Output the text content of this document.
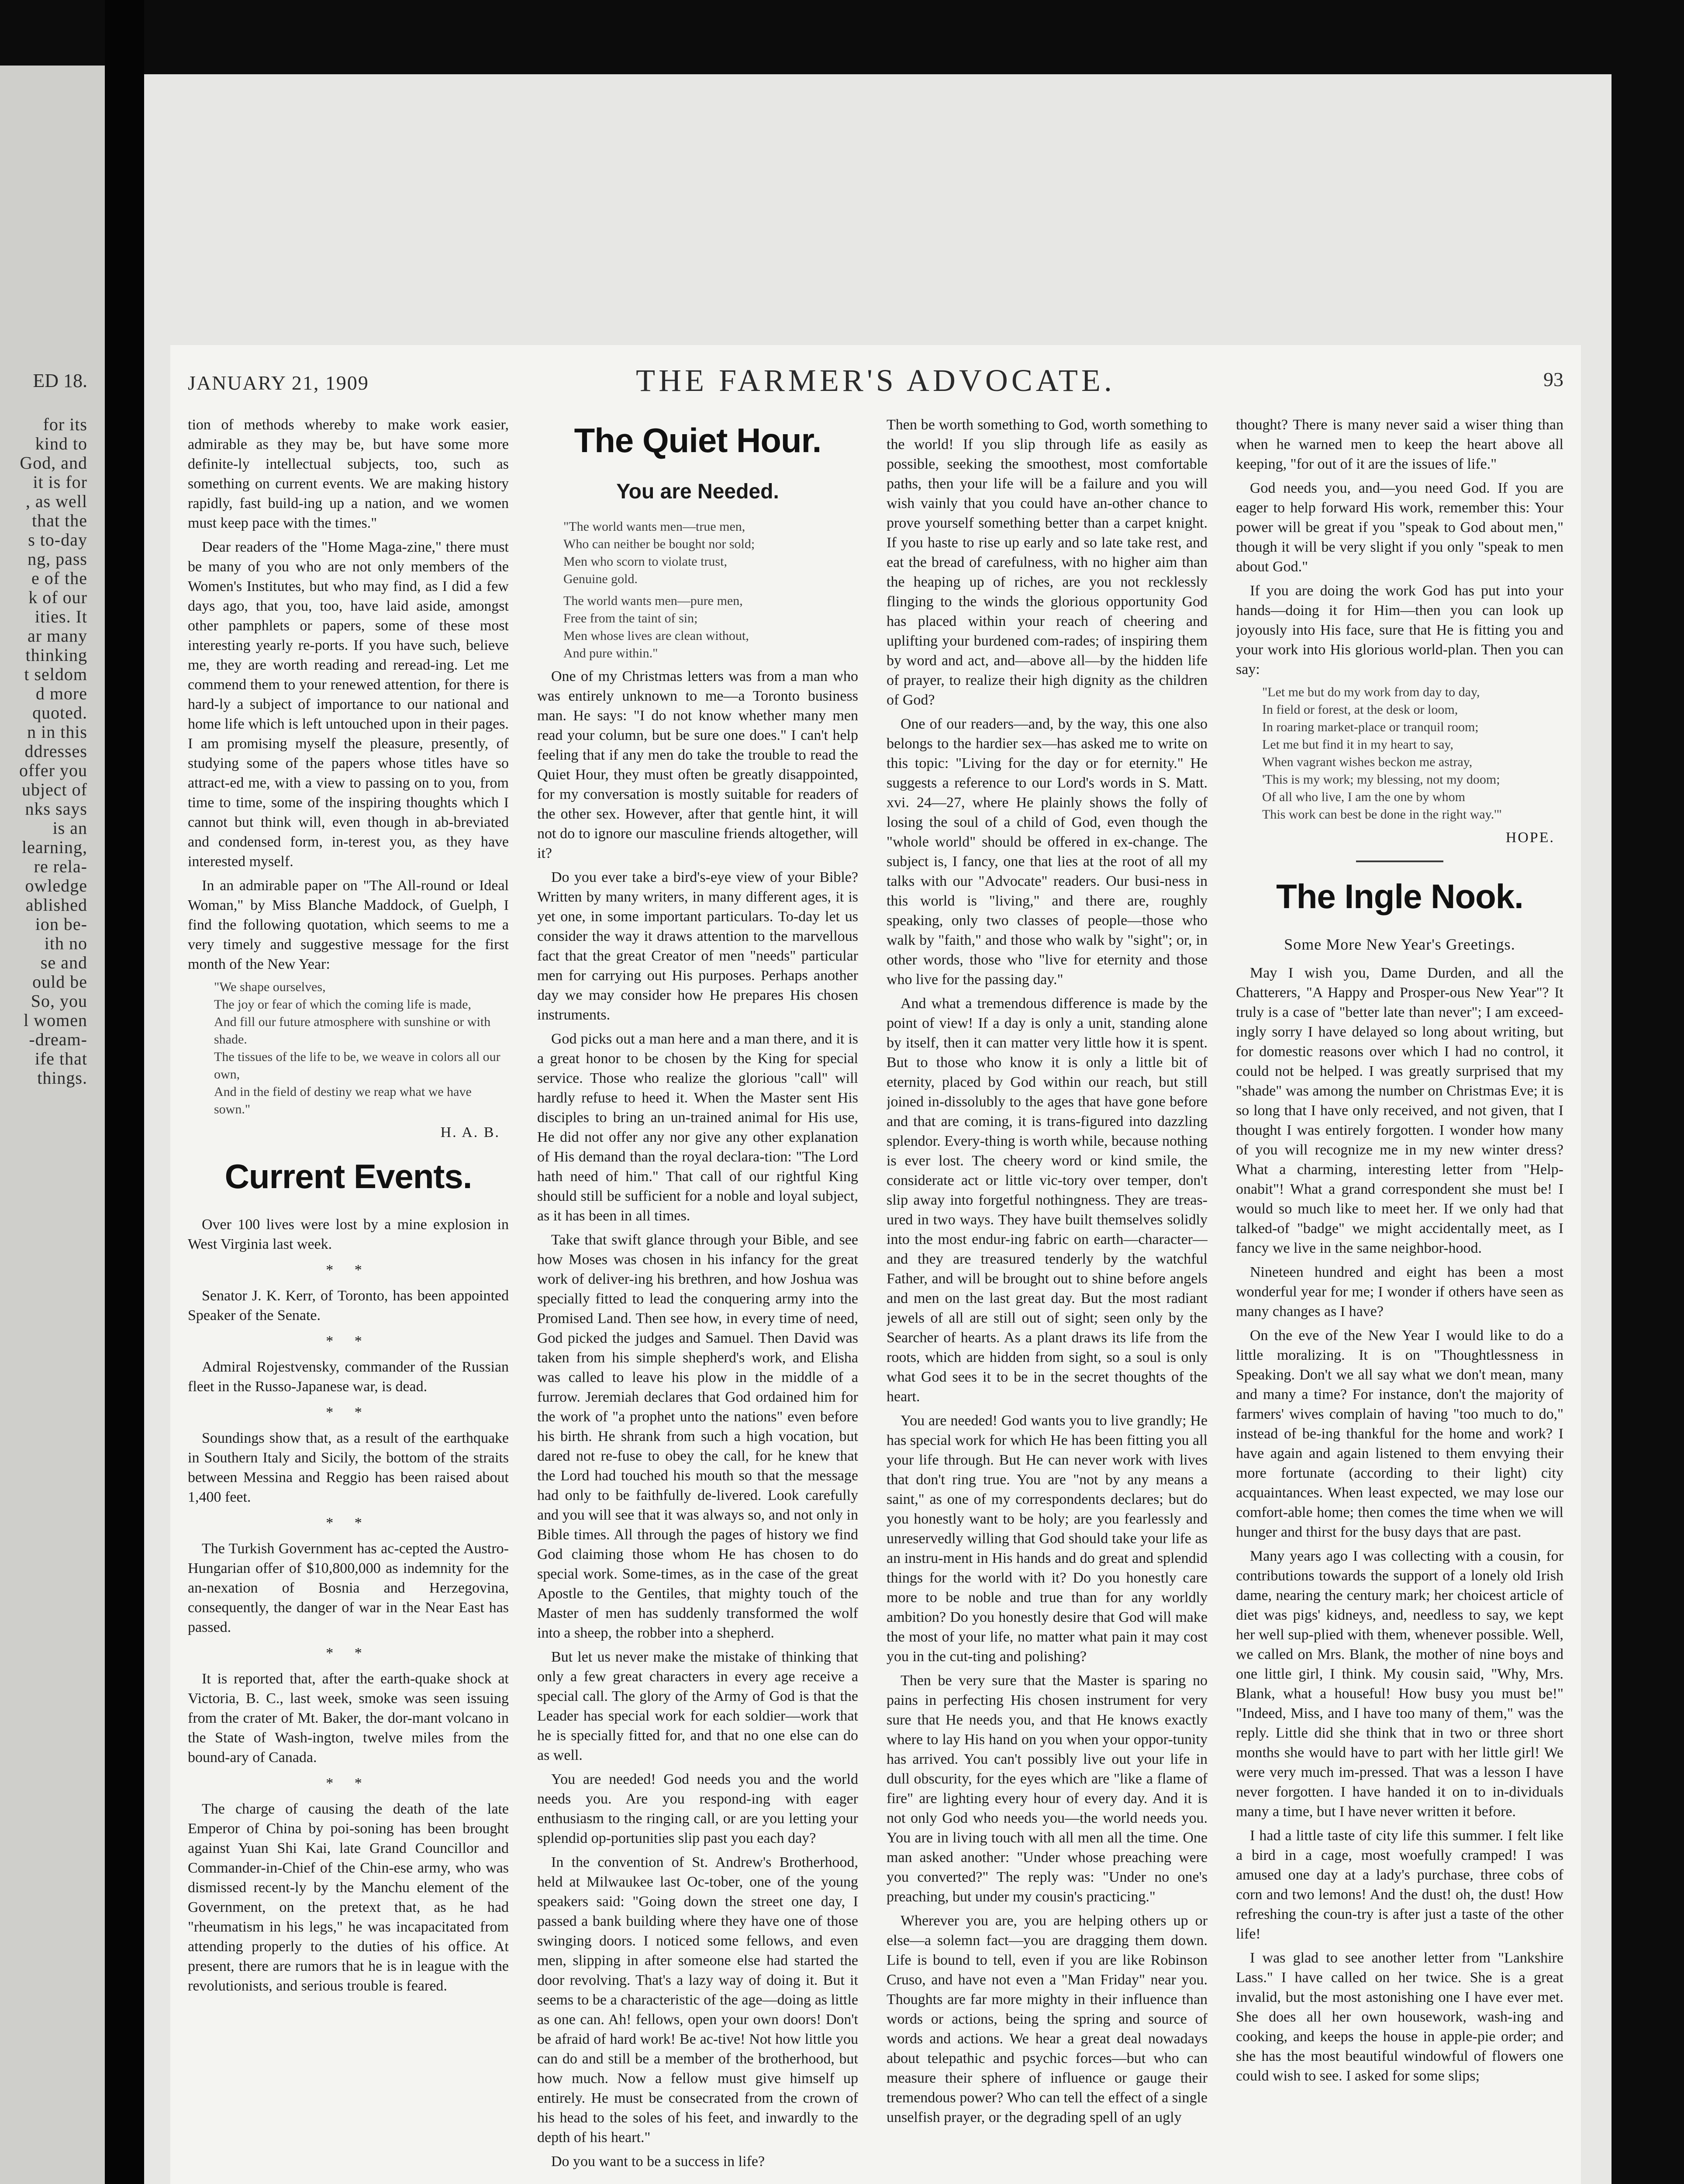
ED 18.
for its
kind to
God, and
it is for
, as well
that the
s to-day
ng, pass
e of the
k of our
ities. It
ar many
thinking
t seldom
d more
quoted.
n in this
ddresses
offer you
ubject of
nks says
is an
learning,
re rela-
owledge
ablished
ion be-
ith no
se and
ould be
So, you
l women
-dream-
ife that
things.
JANUARY 21, 1909	THE FARMER'S ADVOCATE.	93

tion of methods whereby to make work easier, admirable as they may be, but have some more definite-ly intellectual subjects, too, such as something on current events. We are making history rapidly, fast build-ing up a nation, and we women must keep pace with the times."

Dear readers of the "Home Maga-zine," there must be many of you who are not only members of the Women's Institutes, but who may find, as I did a few days ago, that you, too, have laid aside, amongst other pamphlets or papers, some of these most interesting yearly re-ports. If you have such, believe me, they are worth reading and reread-ing. Let me commend them to your renewed attention, for there is hard-ly a subject of importance to our national and home life which is left untouched upon in their pages. I am promising myself the pleasure, presently, of studying some of the papers whose titles have so attract-ed me, with a view to passing on to you, from time to time, some of the inspiring thoughts which I cannot but think will, even though in ab-breviated and condensed form, in-terest you, as they have interested myself.

In an admirable paper on "The All-round or Ideal Woman," by Miss Blanche Maddock, of Guelph, I find the following quotation, which seems to me a very timely and suggestive message for the first month of the New Year:

"We shape ourselves,
The joy or fear of which the coming life is made,
And fill our future atmosphere with sunshine or with shade.
The tissues of the life to be, we weave in colors all our own,
And in the field of destiny we reap what we have sown."
H. A. B.
Current Events.

Over 100 lives were lost by a mine explosion in West Virginia last week.

* *

Senator J. K. Kerr, of Toronto, has been appointed Speaker of the Senate.

* *

Admiral Rojestvensky, commander of the Russian fleet in the Russo-Japanese war, is dead.

* *

Soundings show that, as a result of the earthquake in Southern Italy and Sicily, the bottom of the straits between Messina and Reggio has been raised about 1,400 feet.

* *

The Turkish Government has ac-cepted the Austro-Hungarian offer of $10,800,000 as indemnity for the an-nexation of Bosnia and Herzegovina, consequently, the danger of war in the Near East has passed.

* *

It is reported that, after the earth-quake shock at Victoria, B. C., last week, smoke was seen issuing from the crater of Mt. Baker, the dor-mant volcano in the State of Wash-ington, twelve miles from the bound-ary of Canada.

* *

The charge of causing the death of the late Emperor of China by poi-soning has been brought against Yuan Shi Kai, late Grand Councillor and Commander-in-Chief of the Chin-ese army, who was dismissed recent-ly by the Manchu element of the Government, on the pretext that, as he had "rheumatism in his legs," he was incapacitated from attending properly to the duties of his office. At present, there are rumors that he is in league with the revolutionists, and serious trouble is feared.

The Quiet Hour.
You are Needed.
"The world wants men—true men,
Who can neither be bought nor sold;
Men who scorn to violate trust,
Genuine gold.
The world wants men—pure men,
Free from the taint of sin;
Men whose lives are clean without,
And pure within."

One of my Christmas letters was from a man who was entirely unknown to me—a Toronto business man. He says: "I do not know whether many men read your column, but be sure one does." I can't help feeling that if any men do take the trouble to read the Quiet Hour, they must often be greatly disappointed, for my conversation is mostly suitable for readers of the other sex. However, after that gentle hint, it will not do to ignore our masculine friends altogether, will it?

Do you ever take a bird's-eye view of your Bible? Written by many writers, in many different ages, it is yet one, in some important particulars. To-day let us consider the way it draws attention to the marvellous fact that the great Creator of men "needs" particular men for carrying out His purposes. Perhaps another day we may consider how He prepares His chosen instruments.

God picks out a man here and a man there, and it is a great honor to be chosen by the King for special service. Those who realize the glorious "call" will hardly refuse to heed it. When the Master sent His disciples to bring an un-trained animal for His use, He did not offer any nor give any other explanation of His demand than the royal declara-tion: "The Lord hath need of him." That call of our rightful King should still be sufficient for a noble and loyal subject, as it has been in all times.

Take that swift glance through your Bible, and see how Moses was chosen in his infancy for the great work of deliver-ing his brethren, and how Joshua was specially fitted to lead the conquering army into the Promised Land. Then see how, in every time of need, God picked the judges and Samuel. Then David was taken from his simple shepherd's work, and Elisha was called to leave his plow in the middle of a furrow. Jeremiah declares that God ordained him for the work of "a prophet unto the nations" even before his birth. He shrank from such a high vocation, but dared not re-fuse to obey the call, for he knew that the Lord had touched his mouth so that the message had only to be faithfully de-livered. Look carefully and you will see that it was always so, and not only in Bible times. All through the pages of history we find God claiming those whom He has chosen to do special work. Some-times, as in the case of the great Apostle to the Gentiles, that mighty touch of the Master of men has suddenly transformed the wolf into a sheep, the robber into a shepherd.

But let us never make the mistake of thinking that only a few great characters in every age receive a special call. The glory of the Army of God is that the Leader has special work for each soldier—work that he is specially fitted for, and that no one else can do as well.

You are needed! God needs you and the world needs you. Are you respond-ing with eager enthusiasm to the ringing call, or are you letting your splendid op-portunities slip past you each day?

In the convention of St. Andrew's Brotherhood, held at Milwaukee last Oc-tober, one of the young speakers said: "Going down the street one day, I passed a bank building where they have one of those swinging doors. I noticed some fellows, and even men, slipping in after someone else had started the door revolving. That's a lazy way of doing it. But it seems to be a characteristic of the age—doing as little as one can. Ah! fellows, open your own doors! Don't be afraid of hard work! Be ac-tive! Not how little you can do and still be a member of the brotherhood, but how much. Now a fellow must give himself up entirely. He must be consecrated from the crown of his head to the soles of his feet, and inwardly to the depth of his heart."

Do you want to be a success in life?

Then be worth something to God, worth something to the world! If you slip through life as easily as possible, seeking the smoothest, most comfortable paths, then your life will be a failure and you will wish vainly that you could have an-other chance to prove yourself something better than a carpet knight. If you haste to rise up early and so late take rest, and eat the bread of carefulness, with no higher aim than the heaping up of riches, are you not recklessly flinging to the winds the glorious opportunity God has placed within your reach of cheering and uplifting your burdened com-rades; of inspiring them by word and act, and—above all—by the hidden life of prayer, to realize their high dignity as the children of God?

One of our readers—and, by the way, this one also belongs to the hardier sex—has asked me to write on this topic: "Living for the day or for eternity." He suggests a reference to our Lord's words in S. Matt. xvi. 24—27, where He plainly shows the folly of losing the soul of a child of God, even though the "whole world" should be offered in ex-change. The subject is, I fancy, one that lies at the root of all my talks with our "Advocate" readers. Our busi-ness in this world is "living," and there are, roughly speaking, only two classes of people—those who walk by "faith," and those who walk by "sight"; or, in other words, those who "live for eternity and those who live for the passing day."

And what a tremendous difference is made by the point of view! If a day is only a unit, standing alone by itself, then it can matter very little how it is spent. But to those who know it is only a little bit of eternity, placed by God within our reach, but still joined in-dissolubly to the ages that have gone before and that are coming, it is trans-figured into dazzling splendor. Every-thing is worth while, because nothing is ever lost. The cheery word or kind smile, the considerate act or little vic-tory over temper, don't slip away into forgetful nothingness. They are treas-ured in two ways. They have built themselves solidly into the most endur-ing fabric on earth—character—and they are treasured tenderly by the watchful Father, and will be brought out to shine before angels and men on the last great day. But the most radiant jewels of all are still out of sight; seen only by the Searcher of hearts. As a plant draws its life from the roots, which are hidden from sight, so a soul is only what God sees it to be in the secret thoughts of the heart.

You are needed! God wants you to live grandly; He has special work for which He has been fitting you all your life through. But He can never work with lives that don't ring true. You are "not by any means a saint," as one of my correspondents declares; but do you honestly want to be holy; are you fearlessly and unreservedly willing that God should take your life as an instru-ment in His hands and do great and splendid things for the world with it? Do you honestly care more to be noble and true than for any worldly ambition? Do you honestly desire that God will make the most of your life, no matter what pain it may cost you in the cut-ting and polishing?

Then be very sure that the Master is sparing no pains in perfecting His chosen instrument for very sure that He needs you, and that He knows exactly where to lay His hand on you when your oppor-tunity has arrived. You can't possibly live out your life in dull obscurity, for the eyes which are "like a flame of fire" are lighting every hour of every day. And it is not only God who needs you—the world needs you. You are in living touch with all men all the time. One man asked another: "Under whose preaching were you converted?" The reply was: "Under no one's preaching, but under my cousin's practicing."

Wherever you are, you are helping others up or else—a solemn fact—you are dragging them down. Life is bound to tell, even if you are like Robinson Cruso, and have not even a "Man Friday" near you. Thoughts are far more mighty in their influence than words or actions, being the spring and source of words and actions. We hear a great deal nowadays about telepathic and psychic forces—but who can measure their sphere of influence or gauge their tremendous power? Who can tell the effect of a single unselfish prayer, or the degrading spell of an ugly

thought? There is many never said a wiser thing than when he warned men to keep the heart above all keeping, "for out of it are the issues of life."

God needs you, and—you need God. If you are eager to help forward His work, remember this: Your power will be great if you "speak to God about men," though it will be very slight if you only "speak to men about God."

If you are doing the work God has put into your hands—doing it for Him—then you can look up joyously into His face, sure that He is fitting you and your work into His glorious world-plan. Then you can say:

"Let me but do my work from day to day,
In field or forest, at the desk or loom,
In roaring market-place or tranquil room;
Let me but find it in my heart to say,
When vagrant wishes beckon me astray,
'This is my work; my blessing, not my doom;
Of all who live, I am the one by whom
This work can best be done in the right way.'"
HOPE.
The Ingle Nook.
Some More New Year's Greetings.

May I wish you, Dame Durden, and all the Chatterers, "A Happy and Prosper-ous New Year"? It truly is a case of "better late than never"; I am exceed-ingly sorry I have delayed so long about writing, but for domestic reasons over which I had no control, it could not be helped. I was greatly surprised that my "shade" was among the number on Christmas Eve; it is so long that I have only received, and not given, that I thought I was entirely forgotten. I wonder how many of you will recognize me in my new winter dress? What a charming, interesting letter from "Help-onabit"! What a grand correspondent she must be! I would so much like to meet her. If we only had that talked-of "badge" we might accidentally meet, as I fancy we live in the same neighbor-hood.

Nineteen hundred and eight has been a most wonderful year for me; I wonder if others have seen as many changes as I have?

On the eve of the New Year I would like to do a little moralizing. It is on "Thoughtlessness in Speaking. Don't we all say what we don't mean, many and many a time? For instance, don't the majority of farmers' wives complain of having "too much to do," instead of be-ing thankful for the home and work? I have again and again listened to them envying their more fortunate (according to their light) city acquaintances. When least expected, we may lose our comfort-able home; then comes the time when we will hunger and thirst for the busy days that are past.

Many years ago I was collecting with a cousin, for contributions towards the support of a lonely old Irish dame, nearing the century mark; her choicest article of diet was pigs' kidneys, and, needless to say, we kept her well sup-plied with them, whenever possible. Well, we called on Mrs. Blank, the mother of nine boys and one little girl, I think. My cousin said, "Why, Mrs. Blank, what a houseful! How busy you must be!" "Indeed, Miss, and I have too many of them," was the reply. Little did she think that in two or three short months she would have to part with her little girl! We were very much im-pressed. That was a lesson I have never forgotten. I have handed it on to in-dividuals many a time, but I have never written it before.

I had a little taste of city life this summer. I felt like a bird in a cage, most woefully cramped! I was amused one day at a lady's purchase, three cobs of corn and two lemons! And the dust! oh, the dust! How refreshing the coun-try is after just a taste of the other life!

I was glad to see another letter from "Lankshire Lass." I have called on her twice. She is a great invalid, but the most astonishing one I have ever met. She does all her own housework, wash-ing and cooking, and keeps the house in apple-pie order; and she has the most beautiful windowful of flowers one could wish to see. I asked for some slips;
